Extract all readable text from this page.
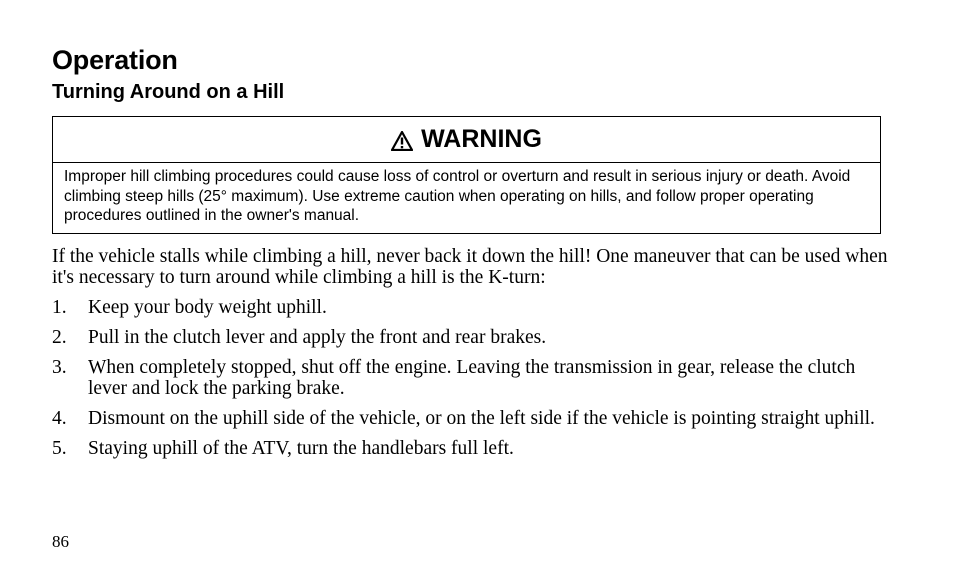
Operation
Turning Around on a Hill
WARNING
Improper hill climbing procedures could cause loss of control or overturn and result in serious injury or death. Avoid climbing steep hills (25° maximum). Use extreme caution when operating on hills, and follow proper operating procedures outlined in the owner's manual.
If the vehicle stalls while climbing a hill, never back it down the hill! One maneuver that can be used when it's necessary to turn around while climbing a hill is the K-turn:
1.	Keep your body weight uphill.
2.	Pull in the clutch lever and apply the front and rear brakes.
3.	When completely stopped, shut off the engine. Leaving the transmission in gear, release the clutch lever and lock the parking brake.
4.	Dismount on the uphill side of the vehicle, or on the left side if the vehicle is pointing straight uphill.
5.	Staying uphill of the ATV, turn the handlebars full left.
86
